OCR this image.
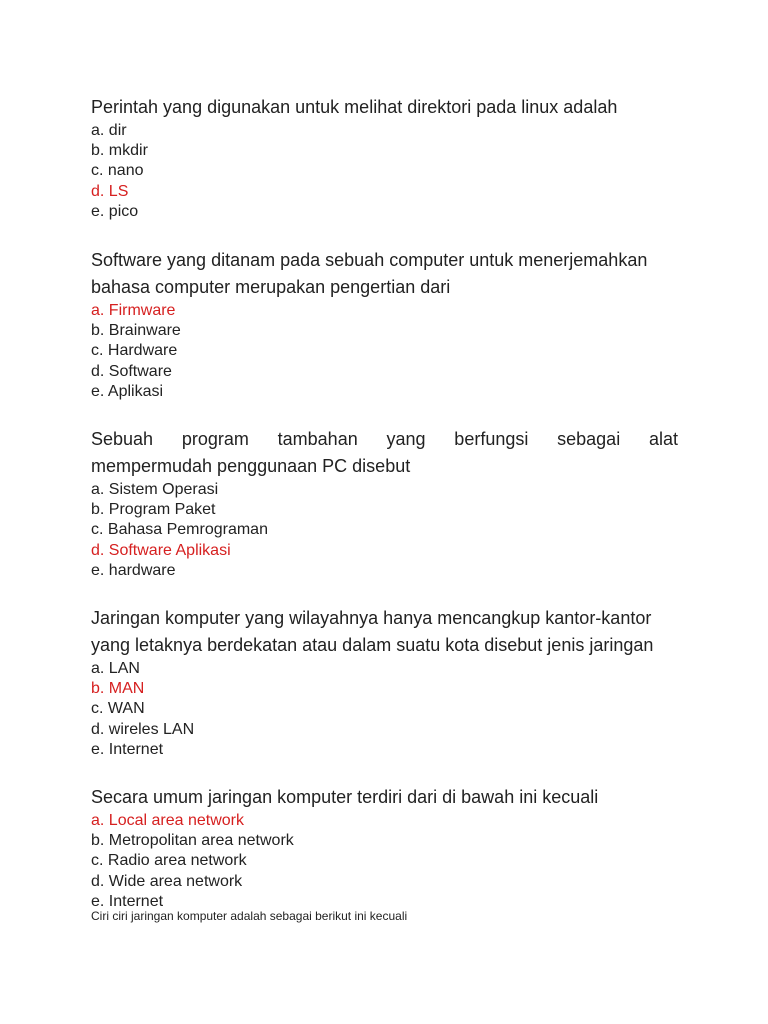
Perintah yang digunakan untuk melihat direktori pada linux adalah

a. dir
b. mkdir
c. nano
d. LS
e. pico

Software yang ditanam pada sebuah computer untuk menerjemahkan bahasa computer merupakan pengertian dari

a. Firmware
b. Brainware
c. Hardware
d. Software
e. Aplikasi

Sebuah program tambahan yang berfungsi sebagai alat
mempermudah penggunaan PC disebut

a. Sistem Operasi
b. Program Paket
c. Bahasa Pemrograman
d. Software Aplikasi
e. hardware

Jaringan komputer yang wilayahnya hanya mencangkup kantor-kantor yang letaknya berdekatan atau dalam suatu kota disebut jenis jaringan

a. LAN
b. MAN
c. WAN
d. wireles LAN
e. Internet

Secara umum jaringan komputer terdiri dari di bawah ini kecuali

a. Local area network
b. Metropolitan area network
c. Radio area network
d. Wide area network
e. Internet
Ciri ciri jaringan komputer adalah sebagai berikut ini kecuali
